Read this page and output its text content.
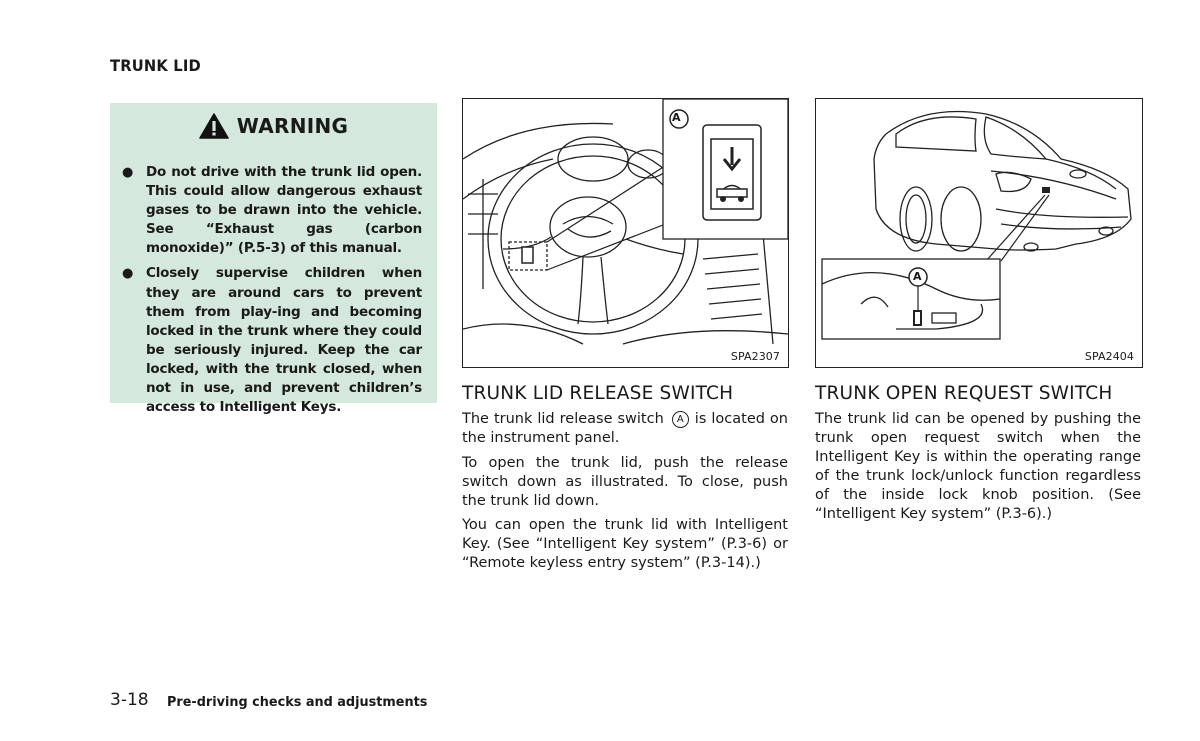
TRUNK LID
WARNING
● Do not drive with the trunk lid open. This could allow dangerous exhaust gases to be drawn into the vehicle. See “Exhaust gas (carbon monoxide)” (P.5-3) of this manual.
● Closely supervise children when they are around cars to prevent them from play-ing and becoming locked in the trunk where they could be seriously injured. Keep the car locked, with the trunk closed, when not in use, and prevent children’s access to Intelligent Keys.
A
SPA2307
A
SPA2404
TRUNK LID RELEASE SWITCH

The trunk lid release switch A is located on the instrument panel.

To open the trunk lid, push the release switch down as illustrated. To close, push the trunk lid down.

You can open the trunk lid with Intelligent Key. (See “Intelligent Key system” (P.3-6) or “Remote keyless entry system” (P.3-14).)

TRUNK OPEN REQUEST SWITCH

The trunk lid can be opened by pushing the trunk open request switch when the Intelligent Key is within the operating range of the trunk lock/unlock function regardless of the inside lock knob position. (See “Intelligent Key system” (P.3-6).)

3-18 Pre-driving checks and adjustments
